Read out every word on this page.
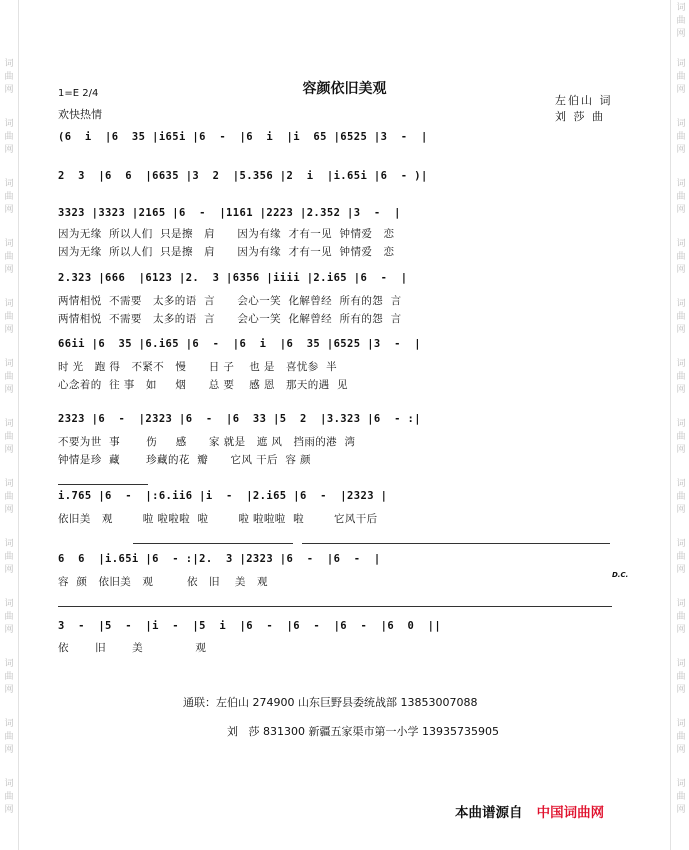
词曲网
词曲网
词曲网
词曲网
词曲网
词曲网
词曲网
词曲网
词曲网
词曲网
词曲网
词曲网
词曲网
词曲网
词曲网
词曲网
词曲网
词曲网
词曲网
词曲网
词曲网
词曲网
词曲网
词曲网
词曲网
词曲网
词曲网
容颜依旧美观
1=E 2/4
欢快热情
左伯山 词
刘 莎 曲
(6  i  |6  35 |i65i |6  -  |6  i  |i  65 |6525 |3  -  |
2  3  |6  6  |6635 |3  2  |5.356 |2  i  |i.65i |6  - )|
3323 |3323 |2165 |6  -  |1161 |2223 |2.352 |3  -  |
因为无缘  所以人们  只是擦   肩      因为有缘  才有一见  钟情爱   恋
因为无缘  所以人们  只是擦   肩      因为有缘  才有一见  钟情爱   恋
2.323 |666  |6123 |2.  3 |6356 |iiii |2.i65 |6  -  |
两情相悦  不需要   太多的语  言      会心一笑  化解曾经  所有的怨  言
两情相悦  不需要   太多的语  言      会心一笑  化解曾经  所有的怨  言
66ii |6  35 |6.i65 |6  -  |6  i  |6  35 |6525 |3  -  |
时 光   跑 得   不紧不   慢      日 子    也 是   喜忧参  半
心念着的  往 事   如     烟      总 要    感 恩   那天的遇  见
2323 |6  -  |2323 |6  -  |6  33 |5  2  |3.323 |6  - :|
不要为世  事       伤     感      家 就是   遮 风   挡雨的港  湾
钟情是珍  藏       珍藏的花  瓣      它风 干后  容 颜
i.765 |6  -  |:6.ii6 |i  -  |2.i65 |6  -  |2323 |
依旧美   观        啦 啦啦啦  啦        啦 啦啦啦  啦        它风干后
6  6  |i.65i |6  - :|2.  3 |2323 |6  -  |6  -  |
容  颜   依旧美   观         依   旧    美   观
D.C.
3  -  |5  -  |i  -  |5  i  |6  -  |6  -  |6  -  |6  0  ||
依       旧       美              观
通联：左伯山 274900 山东巨野县委统战部 13853007088
刘   莎 831300 新疆五家渠市第一小学 13935735905
本曲谱源自 中国词曲网
